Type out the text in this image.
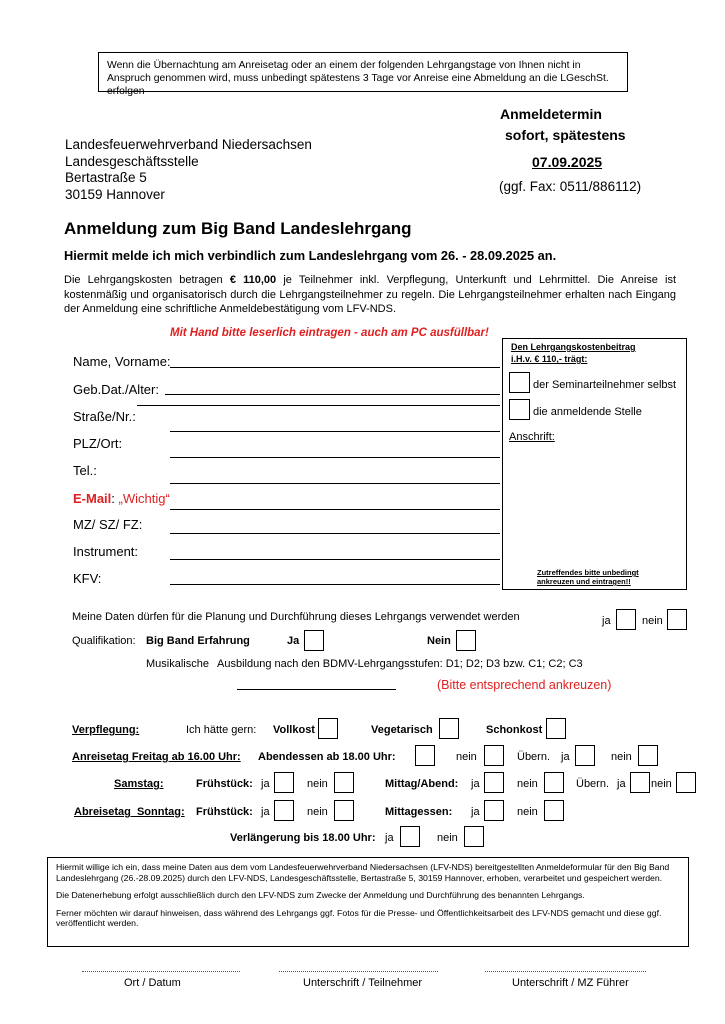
Wenn die Übernachtung am Anreisetag oder an einem der folgenden Lehrgangstage von Ihnen nicht in Anspruch genommen wird, muss unbedingt spätestens 3 Tage vor Anreise eine Abmeldung an die LGeschSt. erfolgen
Anmeldetermin
sofort, spätestens
07.09.2025
(ggf. Fax: 0511/886112)
Landesfeuerwehrverband Niedersachsen
Landesgeschäftsstelle
Bertastraße 5
30159 Hannover
Anmeldung zum Big Band Landeslehrgang
Hiermit melde ich mich verbindlich zum Landeslehrgang vom 26. - 28.09.2025 an.
Die Lehrgangskosten betragen € 110,00 je Teilnehmer inkl. Verpflegung, Unterkunft und Lehrmittel. Die Anreise ist kostenmäßig und organisatorisch durch die Lehrgangsteilnehmer zu regeln. Die Lehrgangsteilnehmer erhalten nach Eingang der Anmeldung eine schriftliche Anmeldebestätigung vom LFV-NDS.
Mit Hand bitte leserlich eintragen - auch am PC ausfüllbar!
Name, Vorname:
Geb.Dat./Alter:
Straße/Nr.:
PLZ/Ort:
Tel.:
E-Mail: „Wichtig“
MZ/ SZ/ FZ:
Instrument:
KFV:
Den Lehrgangskostenbeitrag
i.H.v. € 110,- trägt:
der Seminarteilnehmer selbst
die anmeldende Stelle
Anschrift:
Zutreffendes bitte unbedingt
ankreuzen und eintragen!!
Meine Daten dürfen für die Planung und Durchführung dieses Lehrgangs verwendet werden	ja	nein
Qualifikation: Big Band Erfahrung	Ja	Nein
Musikalische Ausbildung nach den BDMV-Lehrgangsstufen: D1; D2; D3 bzw. C1; C2; C3
(Bitte entsprechend ankreuzen)
Verpflegung:	Ich hätte gern: Vollkost	Vegetarisch	Schonkost
Anreisetag Freitag ab 16.00 Uhr: Abendessen ab 18.00 Uhr:	nein	Übern. ja	nein
Samstag:	Frühstück: ja	nein	Mittag/Abend: ja	nein	Übern. ja nein
Abreisetag  Sonntag: Frühstück: ja	nein	Mittagessen: ja	nein
Verlängerung bis 18.00 Uhr: ja	nein
Hiermit willige ich ein, dass meine Daten aus dem vom Landesfeuerwehrverband Niedersachsen (LFV-NDS) bereitgestellten Anmeldeformular für den Big Band Landeslehrgang (26.-28.09.2025) durch den LFV-NDS, Landesgeschäftsstelle, Bertastraße 5, 30159 Hannover, erhoben, verarbeitet und gespeichert werden.
Die Datenerhebung erfolgt ausschließlich durch den LFV-NDS zum Zwecke der Anmeldung und Durchführung des benannten Lehrgangs.
Ferner möchten wir darauf hinweisen, dass während des Lehrgangs ggf. Fotos für die Presse- und Öffentlichkeitsarbeit des LFV-NDS gemacht und diese ggf. veröffentlicht werden.
Ort / Datum	Unterschrift / Teilnehmer	Unterschrift / MZ Führer
